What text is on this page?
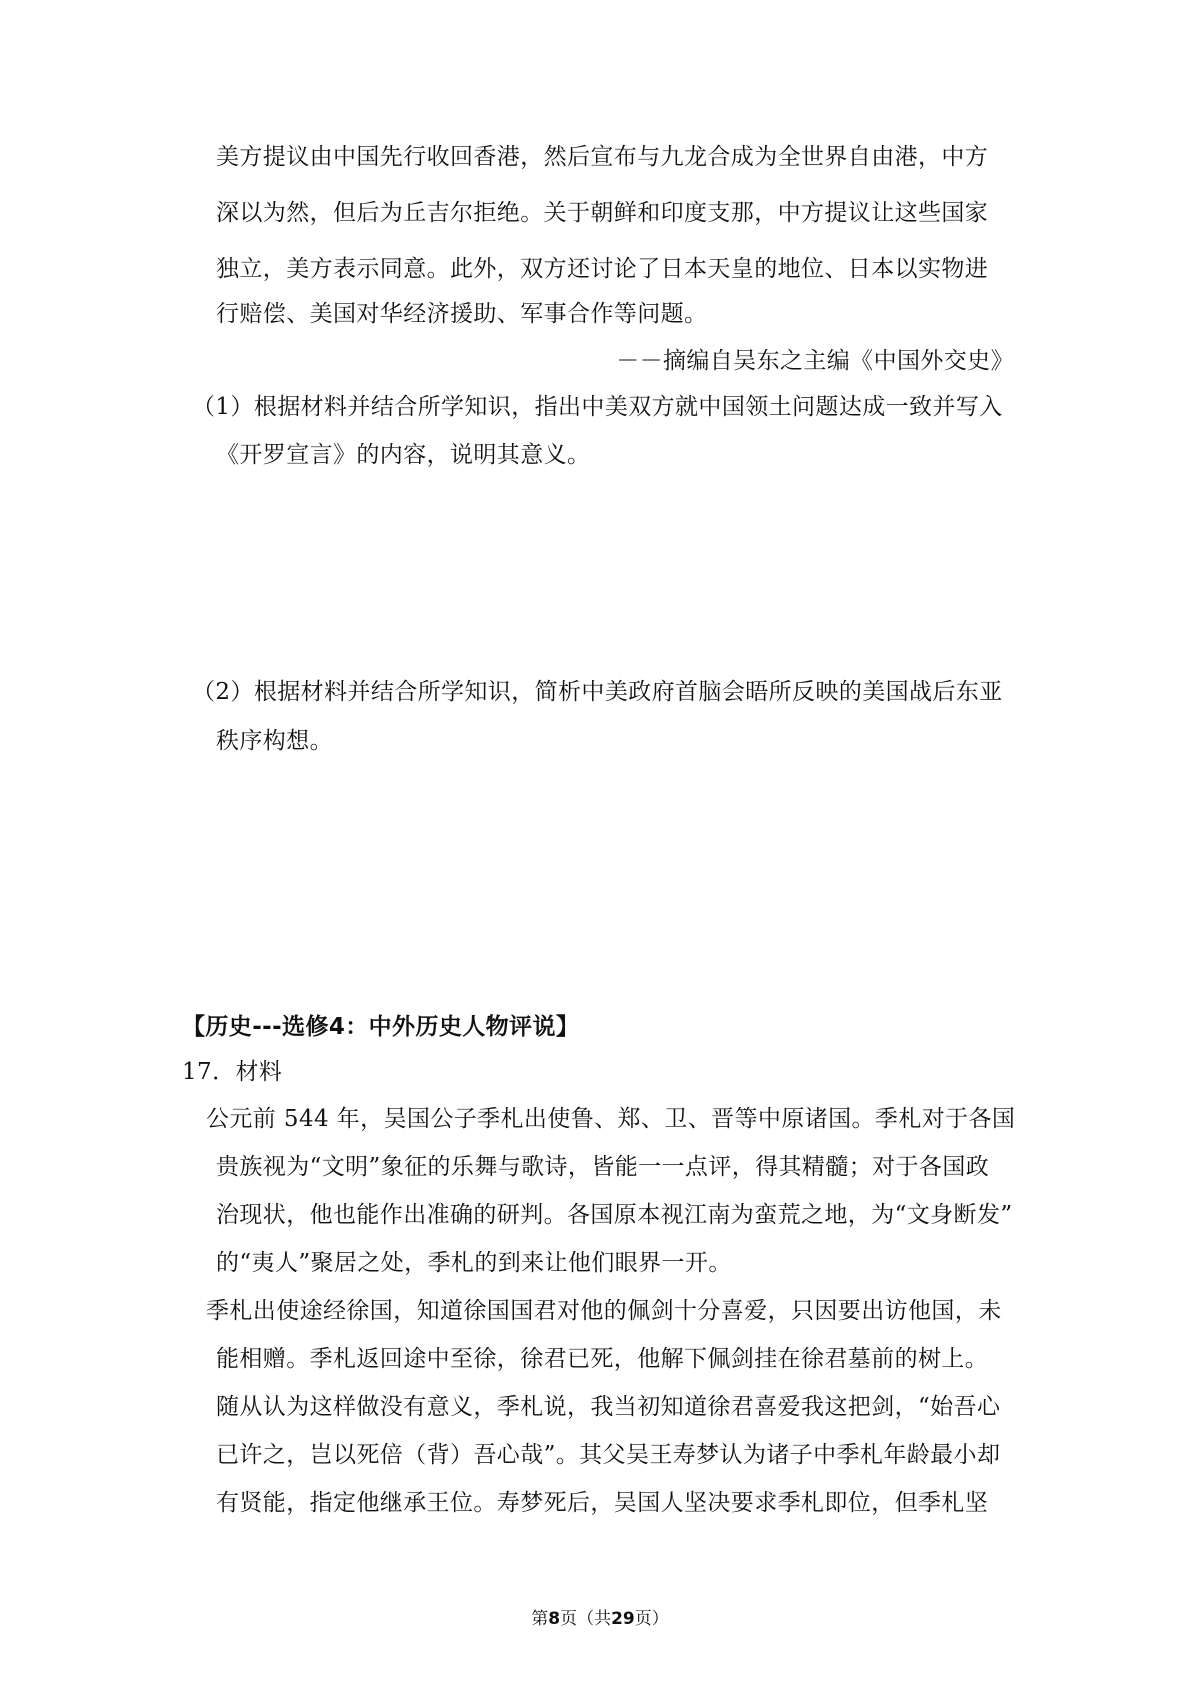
美方提议由中国先行收回香港，然后宣布与九龙合成为全世界自由港，中方
深以为然，但后为丘吉尔拒绝。关于朝鲜和印度支那，中方提议让这些国家
独立，美方表示同意。此外，双方还讨论了日本天皇的地位、日本以实物进
行赔偿、美国对华经济援助、军事合作等问题。
－－摘编自吴东之主编《中国外交史》
（1）根据材料并结合所学知识，指出中美双方就中国领土问题达成一致并写入
《开罗宣言》的内容，说明其意义。
（2）根据材料并结合所学知识，简析中美政府首脑会晤所反映的美国战后东亚
秩序构想。
【历史---选修4：中外历史人物评说】
17．材料
公元前 544 年，吴国公子季札出使鲁、郑、卫、晋等中原诸国。季札对于各国
贵族视为“文明”象征的乐舞与歌诗，皆能一一点评，得其精髓；对于各国政
治现状，他也能作出准确的研判。各国原本视江南为蛮荒之地，为“文身断发”
的“夷人”聚居之处，季札的到来让他们眼界一开。
季札出使途经徐国，知道徐国国君对他的佩剑十分喜爱，只因要出访他国，未
能相赠。季札返回途中至徐，徐君已死，他解下佩剑挂在徐君墓前的树上。
随从认为这样做没有意义，季札说，我当初知道徐君喜爱我这把剑，“始吾心
已许之，岂以死倍（背）吾心哉”。其父吴王寿梦认为诸子中季札年龄最小却
有贤能，指定他继承王位。寿梦死后，吴国人坚决要求季札即位，但季札坚
第8页（共29页）
